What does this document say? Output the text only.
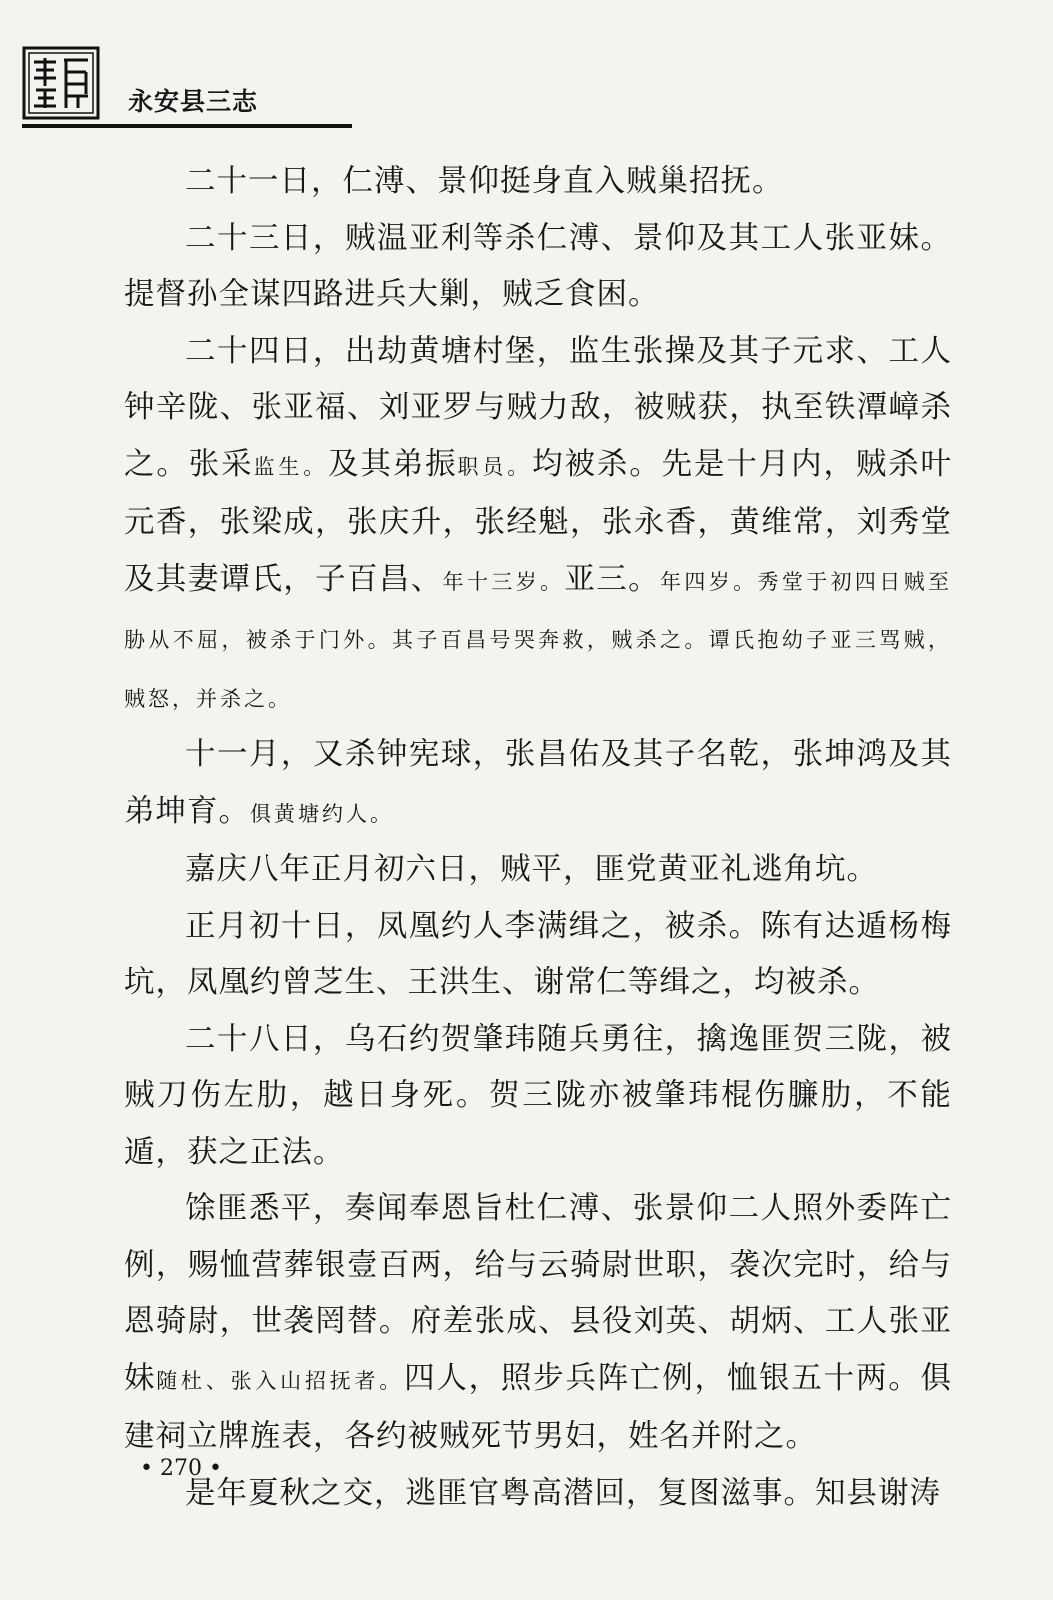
永安县三志

二十一日，仁溥、景仰挺身直入贼巢招抚。

二十三日，贼温亚利等杀仁溥、景仰及其工人张亚妹。提督孙全谋四路进兵大剿，贼乏食困。

二十四日，出劫黄塘村堡，监生张操及其子元求、工人钟辛陇、张亚福、刘亚罗与贼力敌，被贼获，执至铁潭嶂杀之。张采监生。及其弟振职员。均被杀。先是十月内，贼杀叶元香，张梁成，张庆升，张经魁，张永香，黄维常，刘秀堂及其妻谭氏，子百昌、年十三岁。亚三。年四岁。秀堂于初四日贼至胁从不屈，被杀于门外。其子百昌号哭奔救，贼杀之。谭氏抱幼子亚三骂贼，贼怒，并杀之。

十一月，又杀钟宪球，张昌佑及其子名乾，张坤鸿及其弟坤育。俱黄塘约人。

嘉庆八年正月初六日，贼平，匪党黄亚礼逃角坑。

正月初十日，凤凰约人李满缉之，被杀。陈有达遁杨梅坑，凤凰约曾芝生、王洪生、谢常仁等缉之，均被杀。

二十八日，乌石约贺肇玮随兵勇往，擒逸匪贺三陇，被贼刀伤左肋，越日身死。贺三陇亦被肇玮棍伤臁肋，不能遁，获之正法。

馀匪悉平，奏闻奉恩旨杜仁溥、张景仰二人照外委阵亡例，赐恤营葬银壹百两，给与云骑尉世职，袭次完时，给与恩骑尉，世袭罔替。府差张成、县役刘英、胡炳、工人张亚妹随杜、张入山招抚者。四人，照步兵阵亡例，恤银五十两。俱建祠立牌旌表，各约被贼死节男妇，姓名并附之。

是年夏秋之交，逃匪官粤高潜回，复图滋事。知县谢涛

• 270 •
